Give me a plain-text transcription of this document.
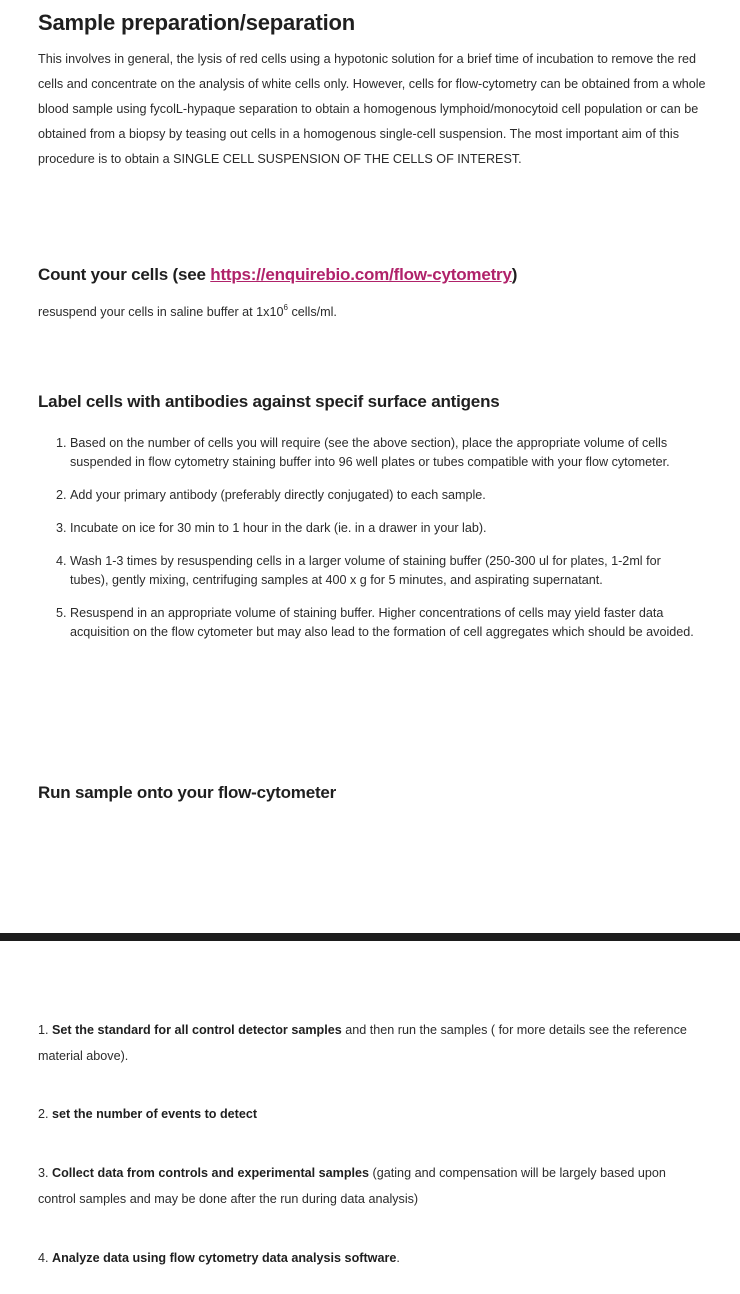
Sample preparation/separation
This involves in general, the lysis of red cells using a hypotonic solution for a brief time of incubation to remove the red cells and concentrate on the analysis of white cells only. However, cells for flow-cytometry can be obtained from a whole blood sample using fycolL-hypaque separation to obtain a homogenous lymphoid/monocytoid cell population or can be obtained from a biopsy by teasing out cells in a homogenous single-cell suspension. The most important aim of this procedure is to obtain a SINGLE CELL SUSPENSION OF THE CELLS OF INTEREST.
Count your cells (see https://enquirebio.com/flow-cytometry)
resuspend your cells in saline buffer at $1x10^6$ cells/ml.
Label cells with antibodies against specif surface antigens
1. Based on the number of cells you will require (see the above section), place the appropriate volume of cells suspended in flow cytometry staining buffer into 96 well plates or tubes compatible with your flow cytometer.
2. Add your primary antibody (preferably directly conjugated) to each sample.
3. Incubate on ice for 30 min to 1 hour in the dark (ie. in a drawer in your lab).
4. Wash 1-3 times by resuspending cells in a larger volume of staining buffer (250-300 ul for plates, 1-2ml for tubes), gently mixing, centrifuging samples at 400 x g for 5 minutes, and aspirating supernatant.
5. Resuspend in an appropriate volume of staining buffer. Higher concentrations of cells may yield faster data acquisition on the flow cytometer but may also lead to the formation of cell aggregates which should be avoided.
Run sample onto your flow-cytometer
1. Set the standard for all control detector samples and then run the samples ( for more details see the reference material above).
2. set the number of events to detect
3. Collect data from controls and experimental samples (gating and compensation will be largely based upon control samples and may be done after the run during data analysis)
4. Analyze data using flow cytometry data analysis software.
